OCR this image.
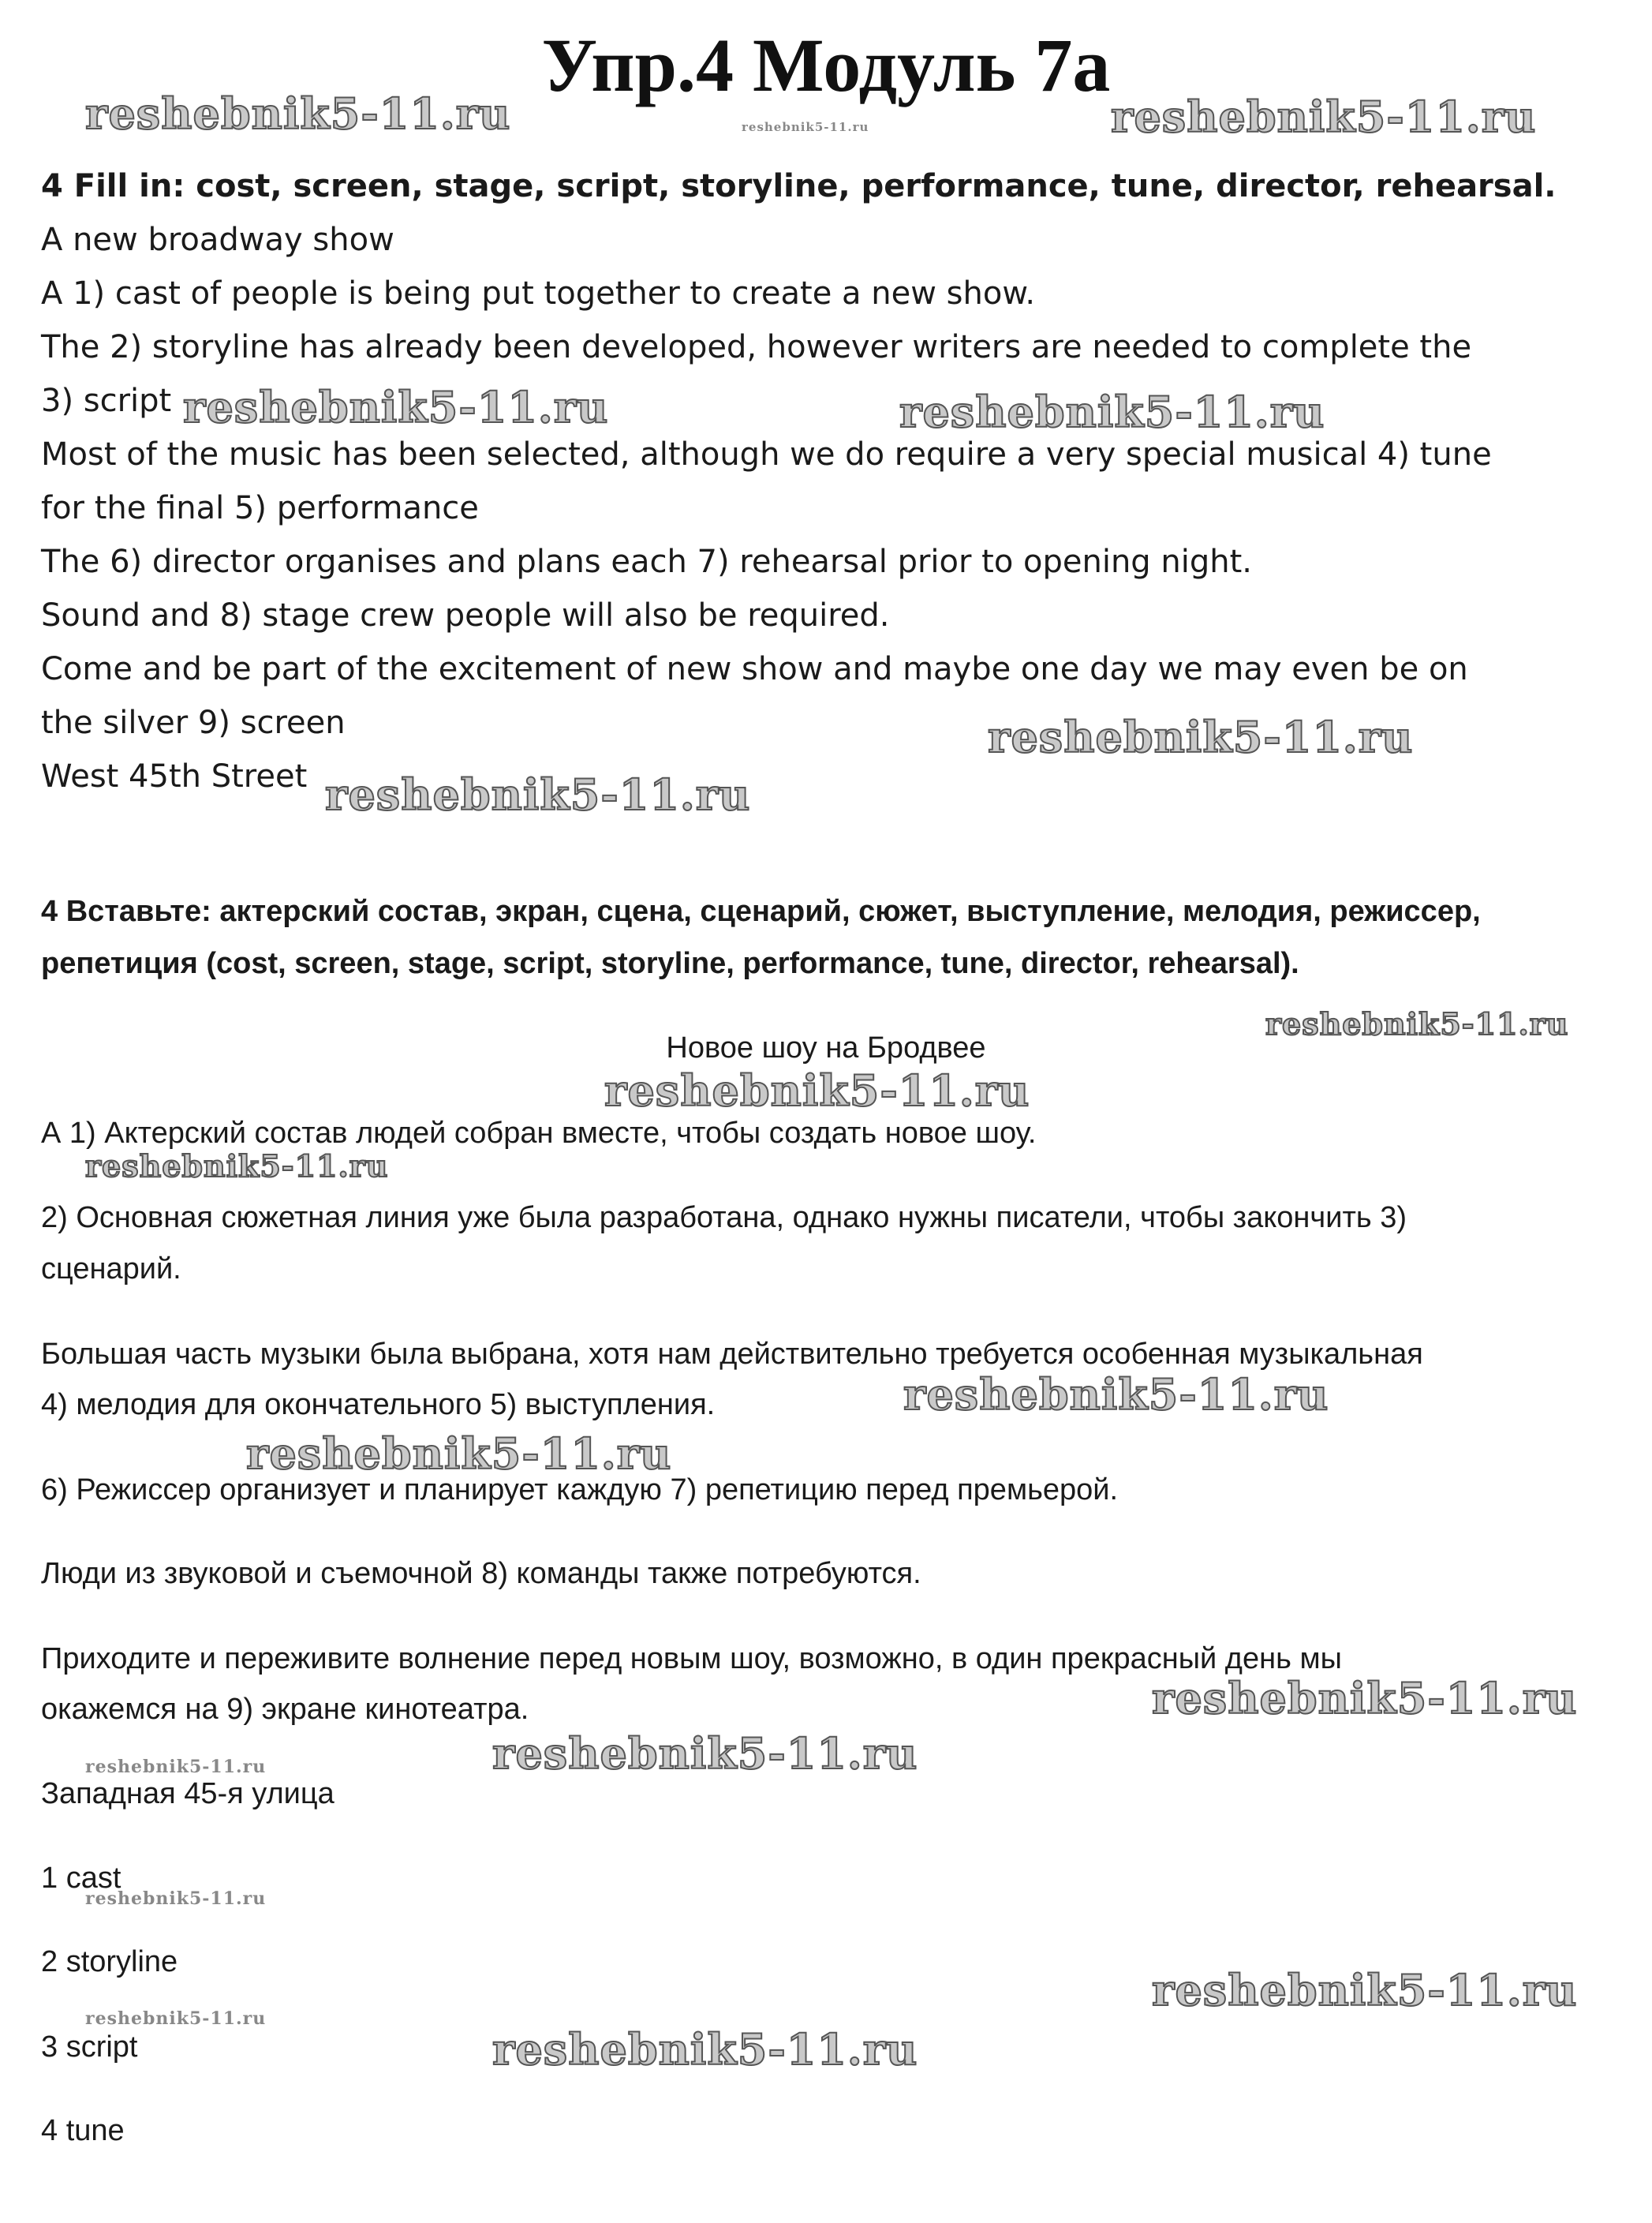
Упр.4 Модуль 7а
reshebnik5-11.ru	reshebnik5-11.ru	reshebnik5-11.ru
reshebnik5-11.ru	reshebnik5-11.ru
reshebnik5-11.ru
reshebnik5-11.ru
reshebnik5-11.ru
reshebnik5-11.ru
reshebnik5-11.ru
reshebnik5-11.ru
reshebnik5-11.ru
reshebnik5-11.ru
reshebnik5-11.ru
reshebnik5-11.ru
reshebnik5-11.ru
reshebnik5-11.ru
reshebnik5-11.ru
reshebnik5-11.ru
4 Fill in: cost, screen, stage, script, storyline, performance, tune, director, rehearsal.
A new broadway show
A 1) cast of people is being put together to create a new show.
The 2) storyline has already been developed, however writers are needed to complete the
3) script
Most of the music has been selected, although we do require a very special musical 4) tune
for the final 5) performance
The 6) director organises and plans each 7) rehearsal prior to opening night.
Sound and 8) stage crew people will also be required.
Come and be part of the excitement of new show and maybe one day we may even be on
the silver 9) screen
West 45th Street
4 Вставьте: актерский состав, экран, сцена, сценарий, сюжет, выступление, мелодия, режиссер,
репетиция (cost, screen, stage, script, storyline, performance, tune, director, rehearsal).
Новое шоу на Бродвее
А 1) Актерский состав людей собран вместе, чтобы создать новое шоу.
2) Основная сюжетная линия уже была разработана, однако нужны писатели, чтобы закончить 3)
сценарий.
Большая часть музыки была выбрана, хотя нам действительно требуется особенная музыкальная
4) мелодия для окончательного 5) выступления.
6) Режиссер организует и планирует каждую 7) репетицию перед премьерой.
Люди из звуковой и съемочной 8) команды также потребуются.
Приходите и переживите волнение перед новым шоу, возможно, в один прекрасный день мы
окажемся на 9) экране кинотеатра.
Западная 45-я улица
1 cast
2 storyline
3 script
4 tune
